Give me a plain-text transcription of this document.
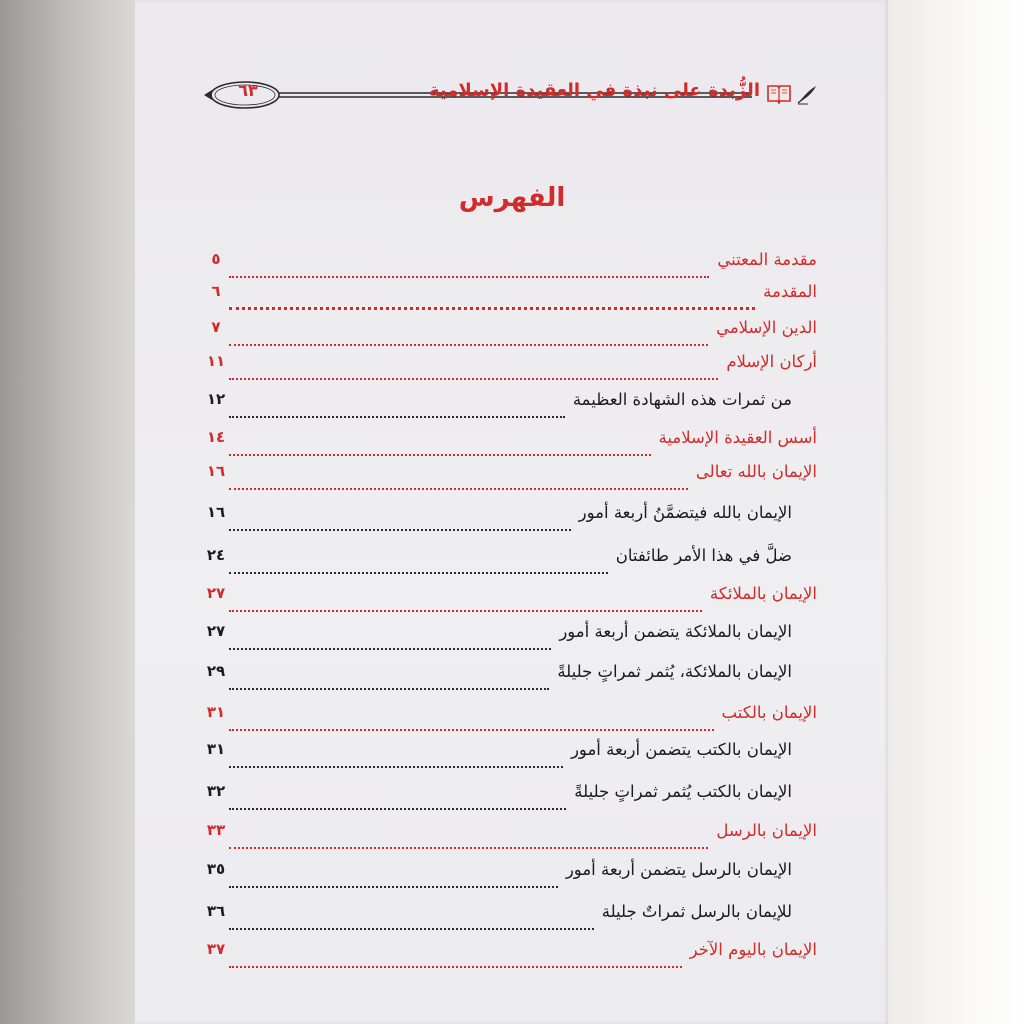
٦٣	الزُّبدة على نبذة في العقيدة الإسلامية
الفهرس
مقدمة المعتني
٥
المقدمة
٦
الدين الإسلامي
٧
أركان الإسلام
١١
من ثمرات هذه الشهادة العظيمة
١٢
أسس العقيدة الإسلامية
١٤
الإيمان بالله تعالى
١٦
الإيمان بالله فيتضمَّنُ أربعة أمور
١٦
ضلَّ في هذا الأمر طائفتان
٢٤
الإيمان بالملائكة
٢٧
الإيمان بالملائكة يتضمن أربعة أمور
٢٧
الإيمان بالملائكة، يُثمر ثمراتٍ جليلةً
٢٩
الإيمان بالكتب
٣١
الإيمان بالكتب يتضمن أربعة أمور
٣١
الإيمان بالكتب يُثمر ثمراتٍ جليلةً
٣٢
الإيمان بالرسل
٣٣
الإيمان بالرسل يتضمن أربعة أمور
٣٥
للإيمان بالرسل ثمراتٌ جليلة
٣٦
الإيمان باليوم الآخر
٣٧
